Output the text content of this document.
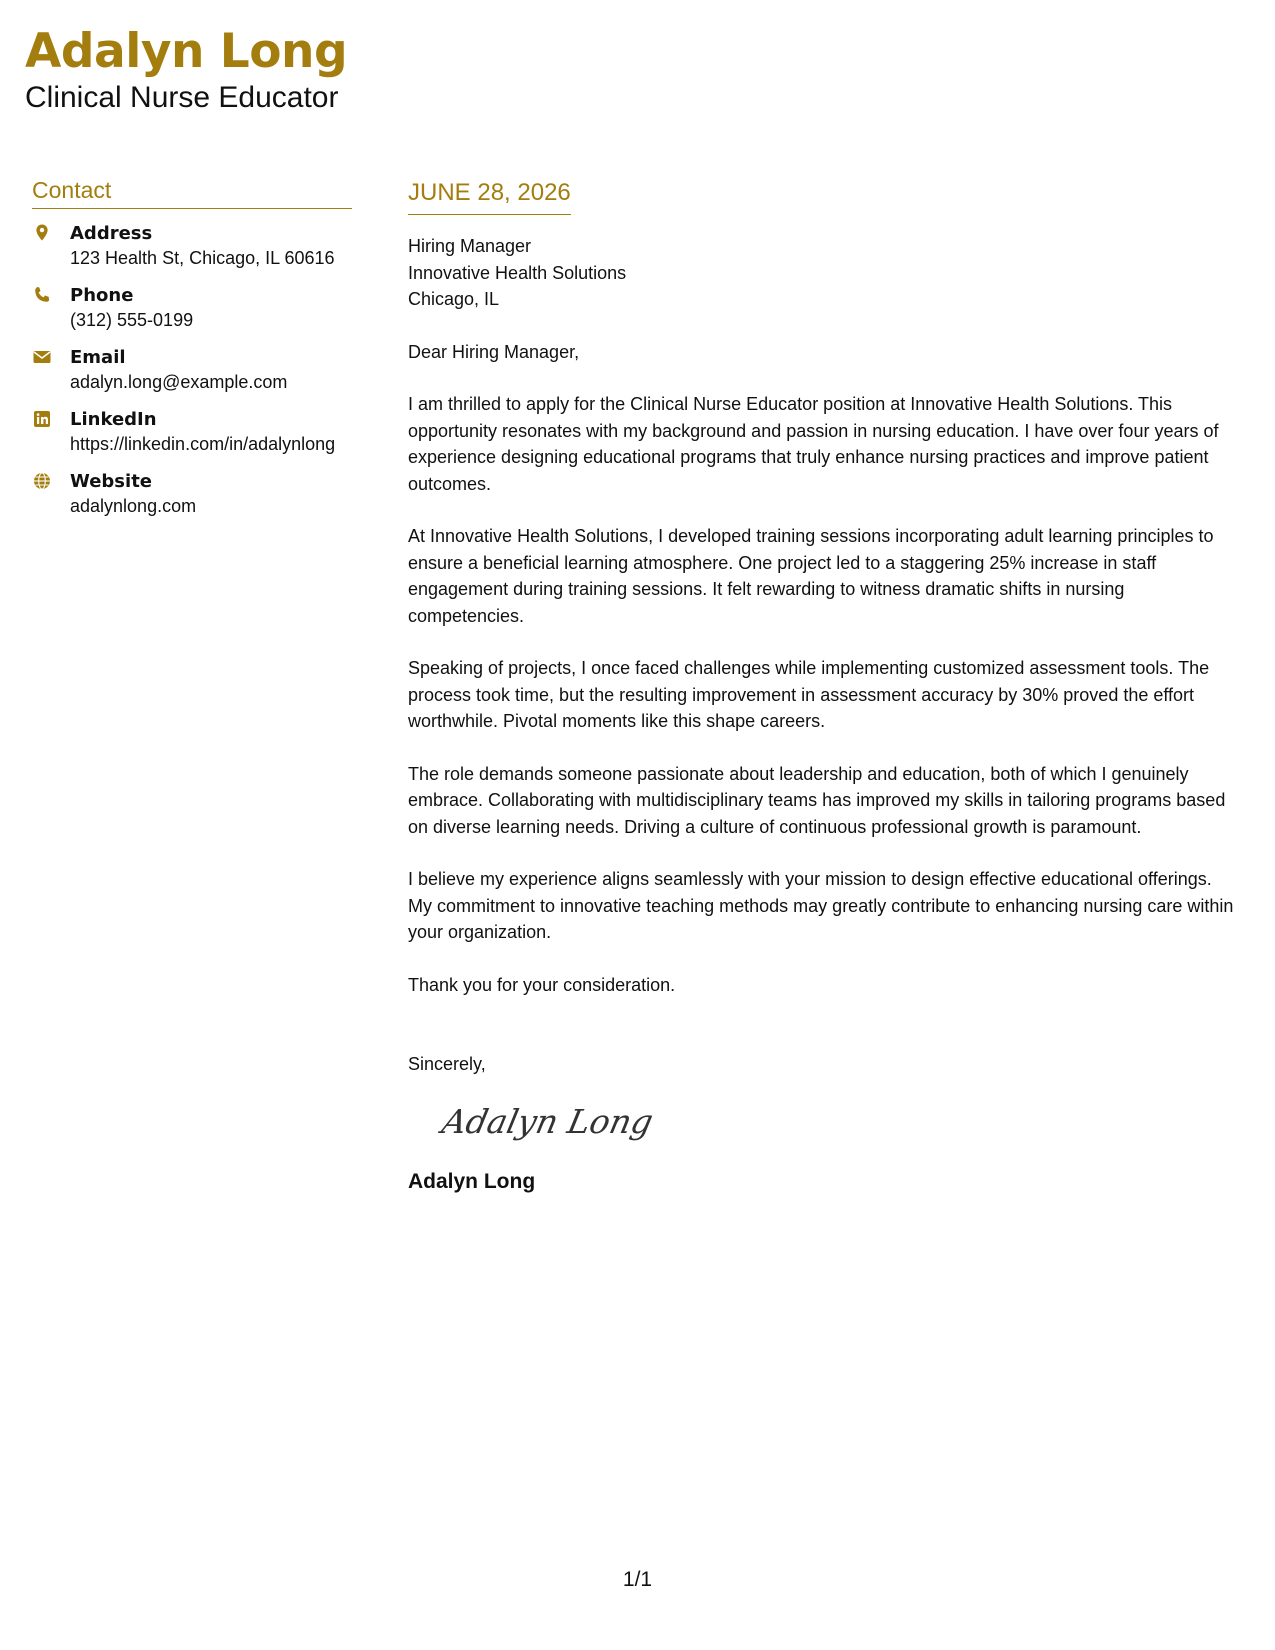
Adalyn Long
Clinical Nurse Educator
Contact
Address
123 Health St, Chicago, IL 60616
Phone
(312) 555-0199
Email
adalyn.long@example.com
LinkedIn
https://linkedin.com/in/adalynlong
Website
adalynlong.com
JUNE 28, 2026
Hiring Manager
Innovative Health Solutions
Chicago, IL
Dear Hiring Manager,
I am thrilled to apply for the Clinical Nurse Educator position at Innovative Health Solutions. This opportunity resonates with my background and passion in nursing education. I have over four years of experience designing educational programs that truly enhance nursing practices and improve patient outcomes.
At Innovative Health Solutions, I developed training sessions incorporating adult learning principles to ensure a beneficial learning atmosphere. One project led to a staggering 25% increase in staff engagement during training sessions. It felt rewarding to witness dramatic shifts in nursing competencies.
Speaking of projects, I once faced challenges while implementing customized assessment tools. The process took time, but the resulting improvement in assessment accuracy by 30% proved the effort worthwhile. Pivotal moments like this shape careers.
The role demands someone passionate about leadership and education, both of which I genuinely embrace. Collaborating with multidisciplinary teams has improved my skills in tailoring programs based on diverse learning needs. Driving a culture of continuous professional growth is paramount.
I believe my experience aligns seamlessly with your mission to design effective educational offerings. My commitment to innovative teaching methods may greatly contribute to enhancing nursing care within your organization.
Thank you for your consideration.
Sincerely,
Adalyn Long
Adalyn Long
1/1
